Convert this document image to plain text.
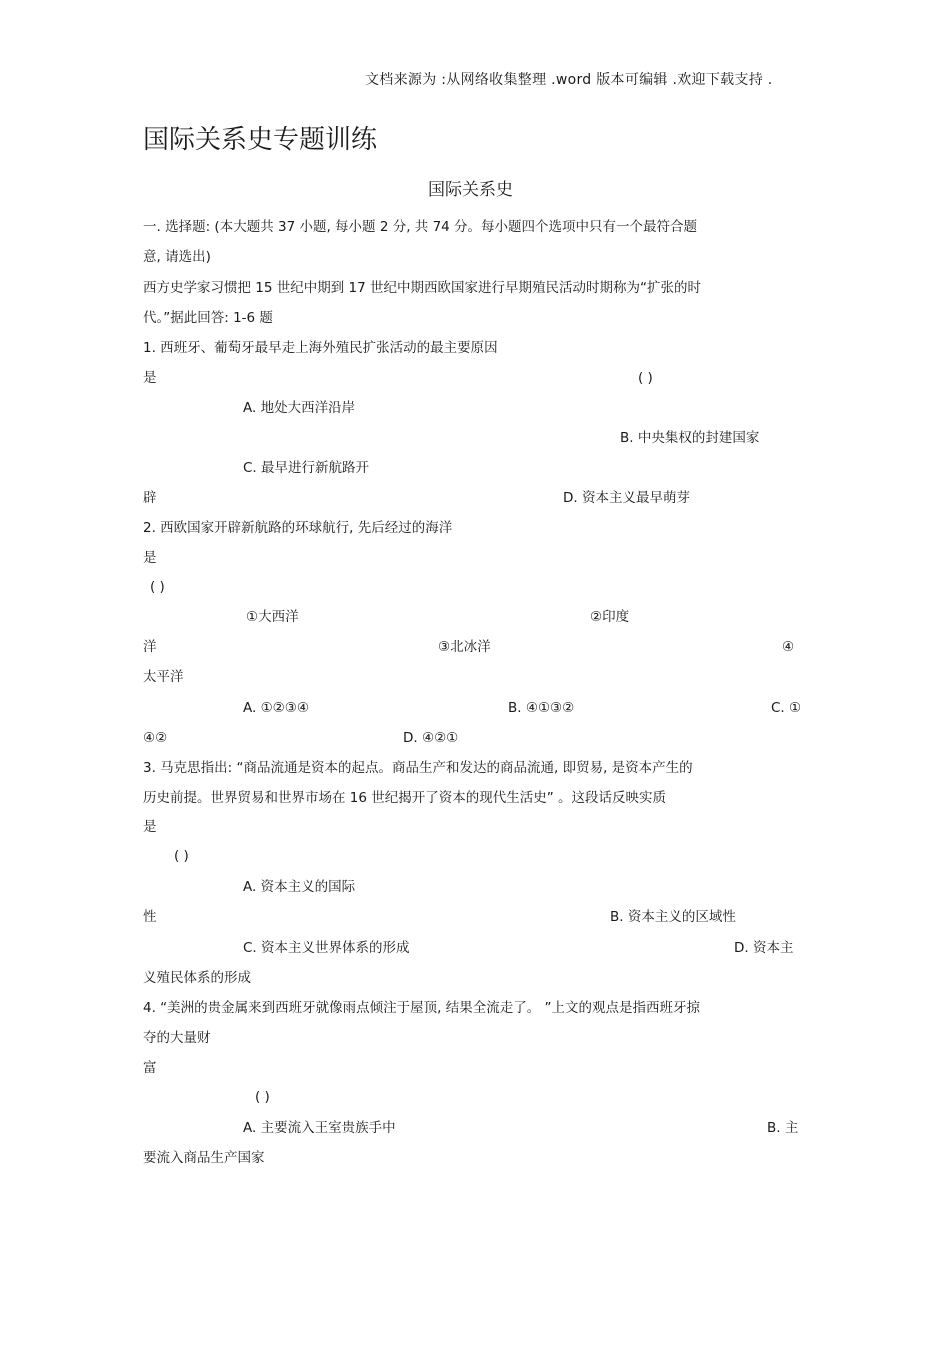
文档来源为 :从网络收集整理 .word 版本可编辑 .欢迎下载支持 .
国际关系史专题训练
国际关系史
一. 选择题: (本大题共 37 小题, 每小题 2 分, 共 74 分。每小题四个选项中只有一个最符合题
意, 请选出)
西方史学家习惯把 15 世纪中期到 17 世纪中期西欧国家进行早期殖民活动时期称为“扩张的时
代。”据此回答: 1-6 题
1. 西班牙、葡萄牙最早走上海外殖民扩张活动的最主要原因
是	( )
A. 地处大西洋沿岸
B. 中央集权的封建国家
C. 最早进行新航路开
辟	D. 资本主义最早萌芽
2. 西欧国家开辟新航路的环球航行, 先后经过的海洋
是
( )
①大西洋	②印度
洋	③北冰洋	④
太平洋
A. ①②③④	B. ④①③②	C. ①
④②	D. ④②①
3. 马克思指出: “商品流通是资本的起点。商品生产和发达的商品流通, 即贸易, 是资本产生的
历史前提。世界贸易和世界市场在 16 世纪揭开了资本的现代生活史” 。这段话反映实质
是
( )
A. 资本主义的国际
性	B. 资本主义的区域性
C. 资本主义世界体系的形成	D. 资本主
义殖民体系的形成
4. “美洲的贵金属来到西班牙就像雨点倾注于屋顶, 结果全流走了。 ”上文的观点是指西班牙掠
夺的大量财
富
( )
A. 主要流入王室贵族手中	B. 主
要流入商品生产国家
